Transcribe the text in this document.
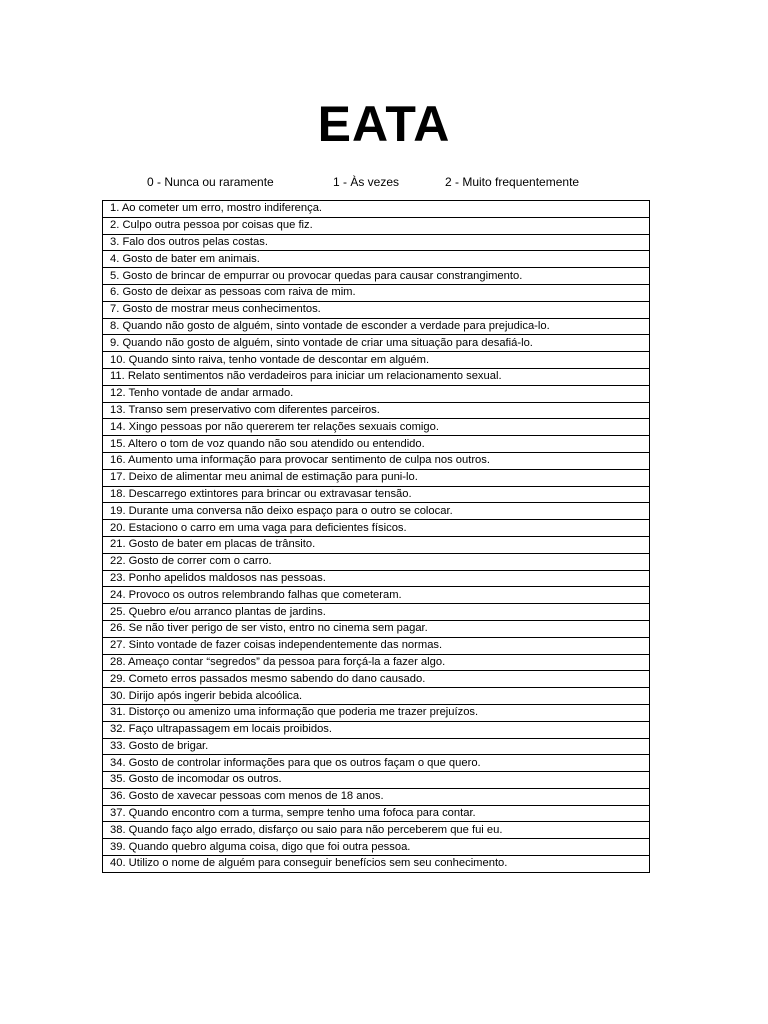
EATA
0 - Nunca ou raramente	1 - Às vezes	2 - Muito frequentemente
1. Ao cometer um erro, mostro indiferença.
2. Culpo outra pessoa por coisas que fiz.
3. Falo dos outros pelas costas.
4. Gosto de bater em animais.
5. Gosto de brincar de empurrar ou provocar quedas para causar constrangimento.
6. Gosto de deixar as pessoas com raiva de mim.
7. Gosto de mostrar meus conhecimentos.
8. Quando não gosto de alguém, sinto vontade de esconder a verdade para prejudica-lo.
9. Quando não gosto de alguém, sinto vontade de criar uma situação para desafiá-lo.
10. Quando sinto raiva, tenho vontade de descontar em alguém.
11. Relato sentimentos não verdadeiros para iniciar um relacionamento sexual.
12. Tenho vontade de andar armado.
13. Transo sem preservativo com diferentes parceiros.
14. Xingo pessoas por não quererem ter relações sexuais comigo.
15. Altero o tom de voz quando não sou atendido ou entendido.
16. Aumento uma informação para provocar sentimento de culpa nos outros.
17. Deixo de alimentar meu animal de estimação para puni-lo.
18. Descarrego extintores para brincar ou extravasar tensão.
19. Durante uma conversa não deixo espaço para o outro se colocar.
20. Estaciono o carro em uma vaga para deficientes físicos.
21. Gosto de bater em placas de trânsito.
22. Gosto de correr com o carro.
23. Ponho apelidos maldosos nas pessoas.
24. Provoco os outros relembrando falhas que cometeram.
25. Quebro e/ou arranco plantas de jardins.
26. Se não tiver perigo de ser visto, entro no cinema sem pagar.
27. Sinto vontade de fazer coisas independentemente das normas.
28. Ameaço contar “segredos” da pessoa para forçá-la a fazer algo.
29. Cometo erros passados mesmo sabendo do dano causado.
30. Dirijo após ingerir bebida alcoólica.
31. Distorço ou amenizo uma informação que poderia me trazer prejuízos.
32. Faço ultrapassagem em locais proibidos.
33. Gosto de brigar.
34. Gosto de controlar informações para que os outros façam o que quero.
35. Gosto de incomodar os outros.
36. Gosto de xavecar pessoas com menos de 18 anos.
37. Quando encontro com a turma, sempre tenho uma fofoca para contar.
38. Quando faço algo errado, disfarço ou saio para não perceberem que fui eu.
39. Quando quebro alguma coisa, digo que foi outra pessoa.
40. Utilizo o nome de alguém para conseguir benefícios sem seu conhecimento.
